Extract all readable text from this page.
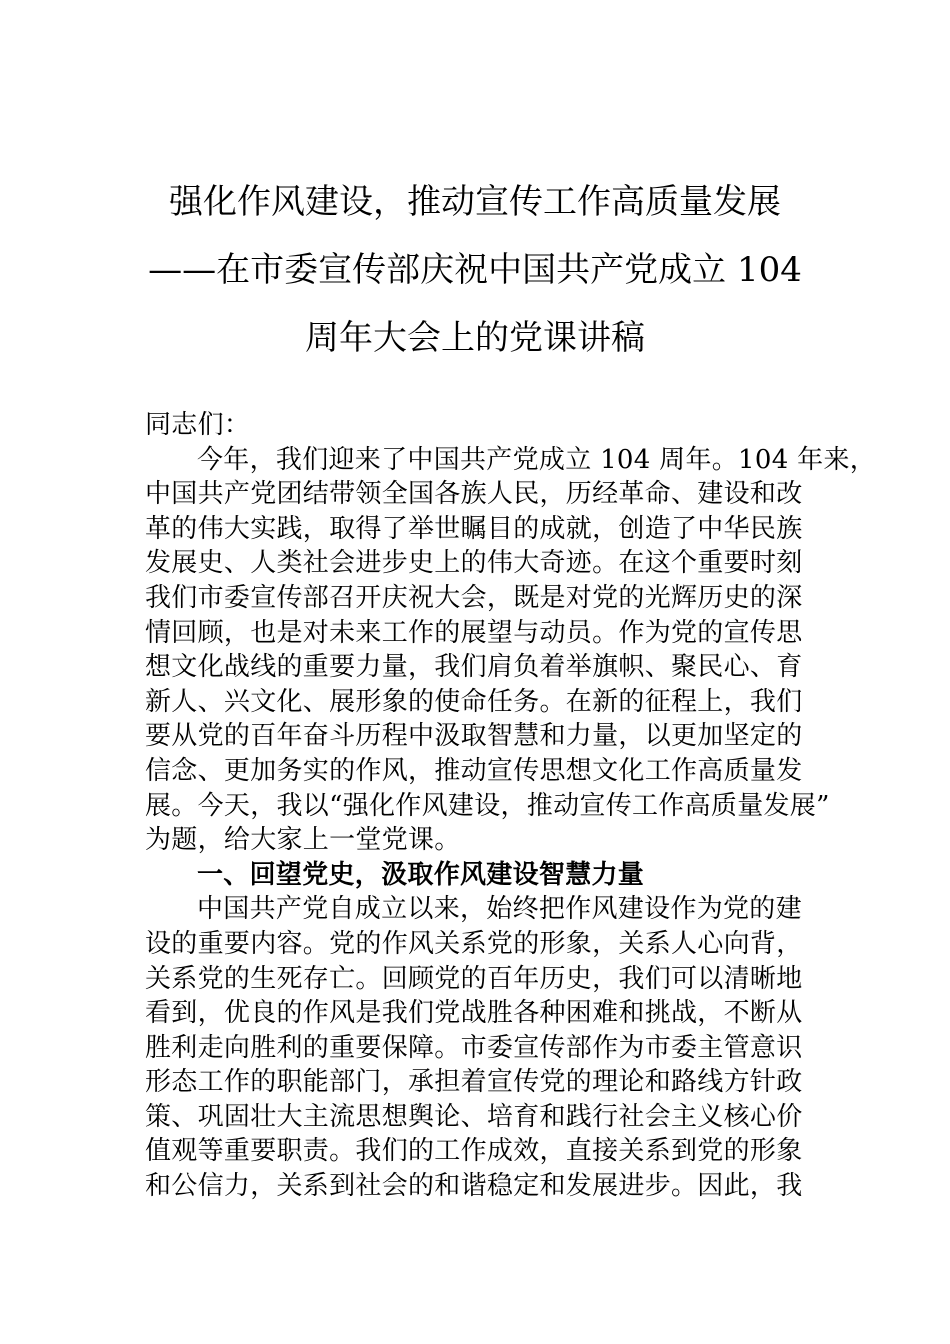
强化作风建设，推动宣传工作高质量发展
——在市委宣传部庆祝中国共产党成立 104
周年大会上的党课讲稿
同志们：
今年，我们迎来了中国共产党成立 104 周年。104 年来，
中国共产党团结带领全国各族人民，历经革命、建设和改
革的伟大实践，取得了举世瞩目的成就，创造了中华民族
发展史、人类社会进步史上的伟大奇迹。在这个重要时刻
我们市委宣传部召开庆祝大会，既是对党的光辉历史的深
情回顾，也是对未来工作的展望与动员。作为党的宣传思
想文化战线的重要力量，我们肩负着举旗帜、聚民心、育
新人、兴文化、展形象的使命任务。在新的征程上，我们
要从党的百年奋斗历程中汲取智慧和力量，以更加坚定的
信念、更加务实的作风，推动宣传思想文化工作高质量发
展。今天，我以“强化作风建设，推动宣传工作高质量发展”
为题，给大家上一堂党课。
一、回望党史，汲取作风建设智慧力量
中国共产党自成立以来，始终把作风建设作为党的建
设的重要内容。党的作风关系党的形象，关系人心向背，
关系党的生死存亡。回顾党的百年历史，我们可以清晰地
看到，优良的作风是我们党战胜各种困难和挑战，不断从
胜利走向胜利的重要保障。市委宣传部作为市委主管意识
形态工作的职能部门，承担着宣传党的理论和路线方针政
策、巩固壮大主流思想舆论、培育和践行社会主义核心价
值观等重要职责。我们的工作成效，直接关系到党的形象
和公信力，关系到社会的和谐稳定和发展进步。因此，我
